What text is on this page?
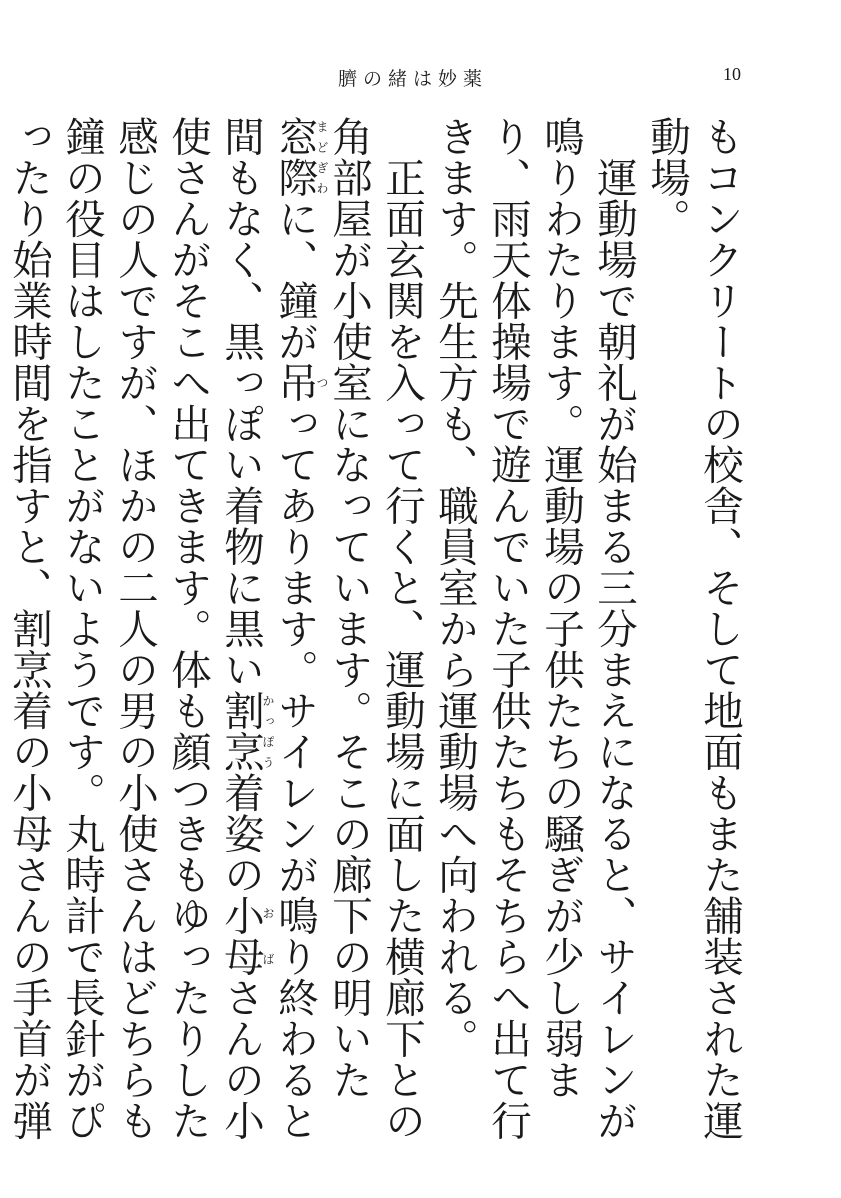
臍の緒は妙薬	10

もコンクリートの校舎、そして地面もまた舗装された運動場。

運動場で朝礼が始まる三分まえになると、サイレンが鳴りわたります。運動場の子供たちの騒ぎが少し弱まり、雨天体操場で遊んでいた子供たちもそちらへ出て行きます。先生方も、職員室から運動場へ向われる。

正面玄関を入って行くと、運動場に面した横廊下との角部屋が小使室になっています。そこの廊下の明いた窓際まどぎわに、鐘が吊つってあります。サイレンが鳴り終わると間もなく、黒っぽい着物に黒い割烹かっぽう着姿の小母おばさんの小使さんがそこへ出てきます。体も顔つきもゆったりした感じの人ですが、ほかの二人の男の小使さんはどちらも鐘の役目はしたことがないようです。丸時計で長針がぴったり始業時間を指すと、割烹着の小母さんの手首が弾
